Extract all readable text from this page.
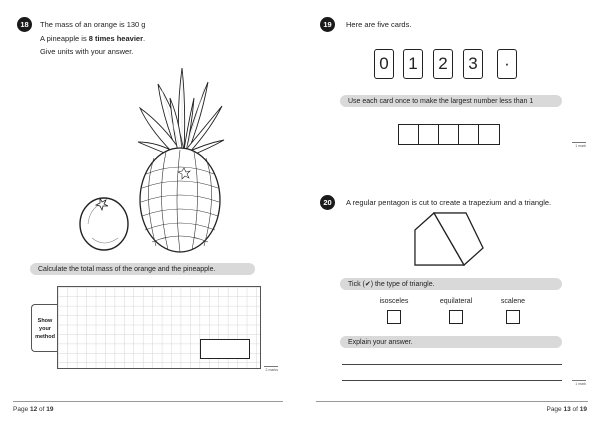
18	The mass of an orange is 130 g
A pineapple is 8 times heavier.
Give units with your answer.
Calculate the total mass of the orange and the pineapple.
Show
your
method
2 marks
Page 12 of 19
19	Here are five cards.
0	1	2	3	·
Use each card once to make the largest number less than 1
1 mark
20	A regular pentagon is cut to create a trapezium and a triangle.
Tick (✔) the type of triangle.
isosceles	equilateral	scalene
Explain your answer.
1 mark
Page 13 of 19
